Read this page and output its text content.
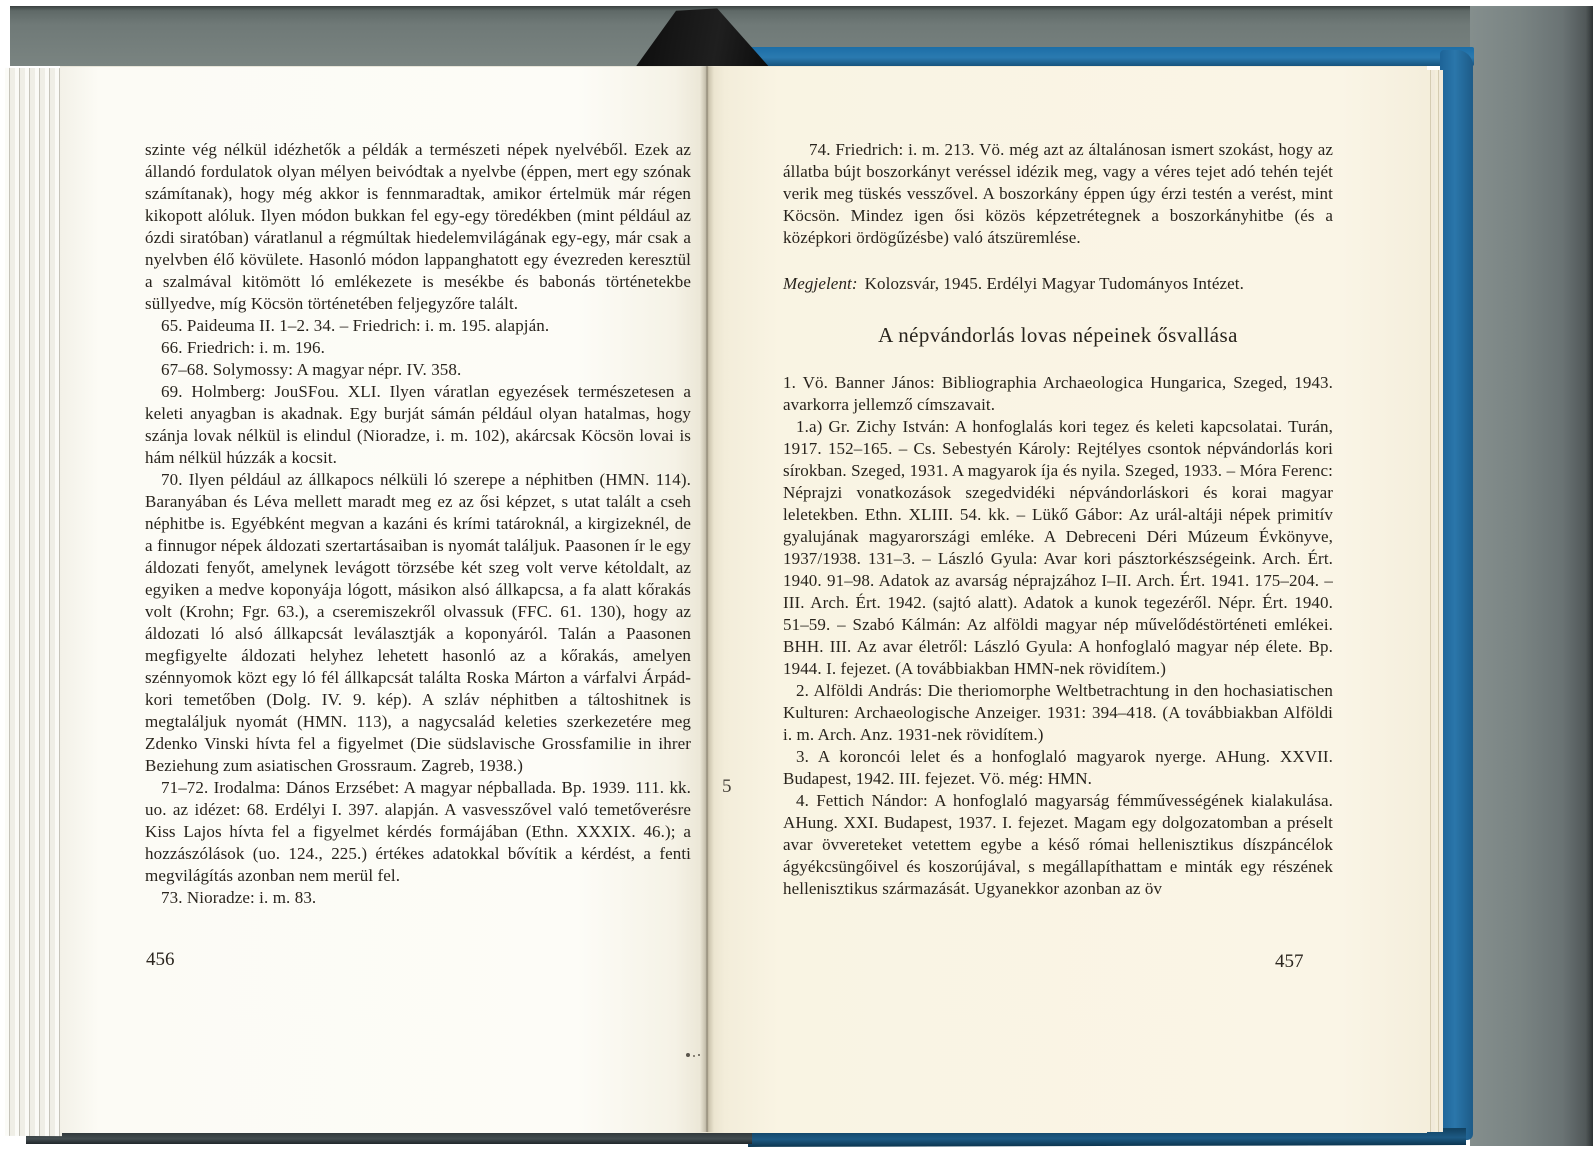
szinte vég nélkül idézhetők a példák a természeti népek nyelvéből. Ezek az állandó fordulatok olyan mélyen beivódtak a nyelvbe (éppen, mert egy szónak számítanak), hogy még akkor is fennmaradtak, amikor értelmük már régen kikopott alóluk. Ilyen módon bukkan fel egy-egy töredékben (mint például az ózdi siratóban) váratlanul a régmúltak hiedelemvilágának egy-egy, már csak a nyelvben élő kövülete. Hasonló módon lappanghatott egy évezreden keresztül a szalmával kitömött ló emlékezete is mesékbe és babonás történetekbe süllyedve, míg Köcsön történetében feljegyzőre talált.

65. Paideuma II. 1–2. 34. – Friedrich: i. m. 195. alapján.

66. Friedrich: i. m. 196.

67–68. Solymossy: A magyar népr. IV. 358.

69. Holmberg: JouSFou. XLI. Ilyen váratlan egyezések természetesen a keleti anyagban is akadnak. Egy burját sámán például olyan hatalmas, hogy szánja lovak nélkül is elindul (Nioradze, i. m. 102), akárcsak Köcsön lovai is hám nélkül húzzák a kocsit.

70. Ilyen például az állkapocs nélküli ló szerepe a néphitben (HMN. 114). Baranyában és Léva mellett maradt meg ez az ősi képzet, s utat talált a cseh néphitbe is. Egyébként megvan a kazáni és krími tatároknál, a kirgizeknél, de a finnugor népek áldozati szertartásaiban is nyomát találjuk. Paasonen ír le egy áldozati fenyőt, amelynek levágott törzsébe két szeg volt verve kétoldalt, az egyiken a medve koponyája lógott, másikon alsó állkapcsa, a fa alatt kőrakás volt (Krohn; Fgr. 63.), a cseremiszekről olvassuk (FFC. 61. 130), hogy az áldozati ló alsó állkapcsát leválasztják a koponyáról. Talán a Paasonen megfigyelte áldozati helyhez lehetett hasonló az a kőrakás, amelyen szénnyomok közt egy ló fél állkapcsát találta Roska Márton a várfalvi Árpád-kori temetőben (Dolg. IV. 9. kép). A szláv néphitben a táltoshitnek is megtaláljuk nyomát (HMN. 113), a nagycsalád keleties szerkezetére meg Zdenko Vinski hívta fel a figyelmet (Die südslavische Grossfamilie in ihrer Beziehung zum asiatischen Grossraum. Zagreb, 1938.)

71–72. Irodalma: Dános Erzsébet: A magyar népballada. Bp. 1939. 111. kk. uo. az idézet: 68. Erdélyi I. 397. alapján. A vasvesszővel való temetőverésre Kiss Lajos hívta fel a figyelmet kérdés formájában (Ethn. XXXIX. 46.); a hozzászólások (uo. 124., 225.) értékes adatokkal bővítik a kérdést, a fenti megvilágítás azonban nem merül fel.

73. Nioradze: i. m. 83.

456

74. Friedrich: i. m. 213. Vö. még azt az általánosan ismert szokást, hogy az állatba bújt boszorkányt veréssel idézik meg, vagy a véres tejet adó tehén tejét verik meg tüskés vesszővel. A boszorkány éppen úgy érzi testén a verést, mint Köcsön. Mindez igen ősi közös képzetrétegnek a boszorkányhitbe (és a középkori ördögűzésbe) való átszüremlése.

Megjelent: Kolozsvár, 1945. Erdélyi Magyar Tudományos Intézet.

A népvándorlás lovas népeinek ősvallása

1. Vö. Banner János: Bibliographia Archaeologica Hungarica, Szeged, 1943. avarkorra jellemző címszavait.

1.a) Gr. Zichy István: A honfoglalás kori tegez és keleti kapcsolatai. Turán, 1917. 152–165. – Cs. Sebestyén Károly: Rejtélyes csontok népvándorlás kori sírokban. Szeged, 1931. A magyarok íja és nyila. Szeged, 1933. – Móra Ferenc: Néprajzi vonatkozások szegedvidéki népvándorláskori és korai magyar leletekben. Ethn. XLIII. 54. kk. – Lükő Gábor: Az urál-altáji népek primitív gyalujának magyarországi emléke. A Debreceni Déri Múzeum Évkönyve, 1937/1938. 131–3. – László Gyula: Avar kori pásztorkészségeink. Arch. Ért. 1940. 91–98. Adatok az avarság néprajzához I–II. Arch. Ért. 1941. 175–204. – III. Arch. Ért. 1942. (sajtó alatt). Adatok a kunok tegezéről. Népr. Ért. 1940. 51–59. – Szabó Kálmán: Az alföldi magyar nép művelődéstörténeti emlékei. BHH. III. Az avar életről: László Gyula: A honfoglaló magyar nép élete. Bp. 1944. I. fejezet. (A továbbiakban HMN-nek rövidítem.)

2. Alföldi András: Die theriomorphe Weltbetrachtung in den hochasiatischen Kulturen: Archaeologische Anzeiger. 1931: 394–418. (A továbbiakban Alföldi i. m. Arch. Anz. 1931-nek rövidítem.)

3. A koroncói lelet és a honfoglaló magyarok nyerge. AHung. XXVII. Budapest, 1942. III. fejezet. Vö. még: HMN.

4. Fettich Nándor: A honfoglaló magyarság fémművességének kialakulása. AHung. XXI. Budapest, 1937. I. fejezet. Magam egy dolgozatomban a préselt avar övvereteket vetettem egybe a késő római hellenisztikus díszpáncélok ágyékcsüngőivel és koszorújával, s megállapíthattam e minták egy részének hellenisztikus származását. Ugyanekkor azonban az öv

457
5
